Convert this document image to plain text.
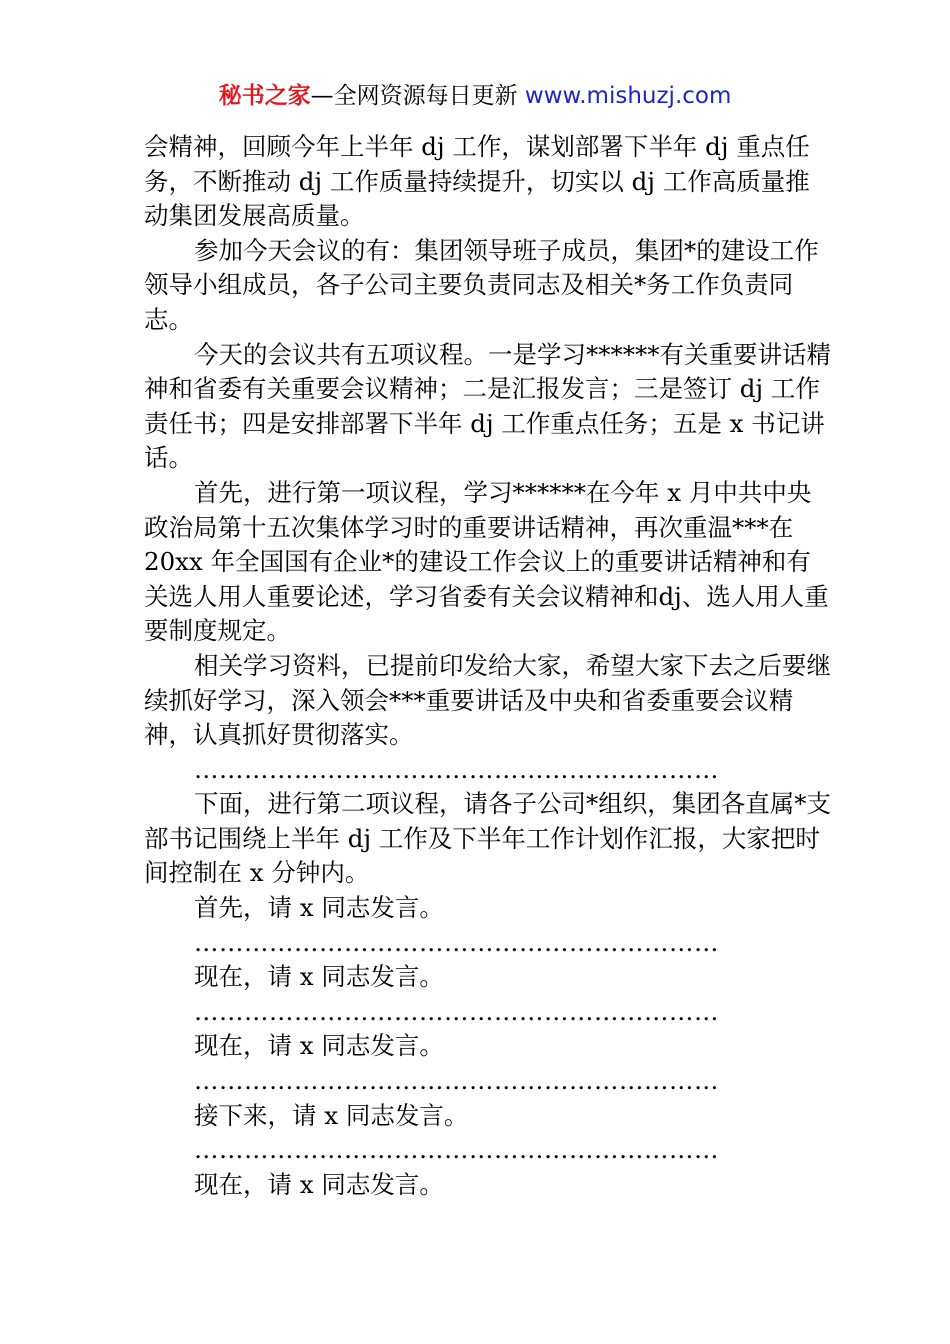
秘书之家—全网资源每日更新 www.mishuzj.com

会精神，回顾今年上半年 dj 工作，谋划部署下半年 dj 重点任务，不断推动 dj 工作质量持续提升，切实以 dj 工作高质量推动集团发展高质量。

参加今天会议的有：集团领导班子成员，集团*的建设工作领导小组成员，各子公司主要负责同志及相关*务工作负责同志。

今天的会议共有五项议程。一是学习******有关重要讲话精神和省委有关重要会议精神；二是汇报发言；三是签订 dj 工作责任书；四是安排部署下半年 dj 工作重点任务；五是 x 书记讲话。

首先，进行第一项议程，学习******在今年 x 月中共中央政治局第十五次集体学习时的重要讲话精神，再次重温***在 20xx 年全国国有企业*的建设工作会议上的重要讲话精神和有关选人用人重要论述，学习省委有关会议精神和dj、选人用人重要制度规定。

相关学习资料，已提前印发给大家，希望大家下去之后要继续抓好学习，深入领会***重要讲话及中央和省委重要会议精神，认真抓好贯彻落实。

………………………………………………………

下面，进行第二项议程，请各子公司*组织，集团各直属*支部书记围绕上半年 dj 工作及下半年工作计划作汇报，大家把时间控制在 x 分钟内。

首先，请 x 同志发言。

………………………………………………………

现在，请 x 同志发言。

………………………………………………………

现在，请 x 同志发言。

………………………………………………………

接下来，请 x 同志发言。

………………………………………………………

现在，请 x 同志发言。
